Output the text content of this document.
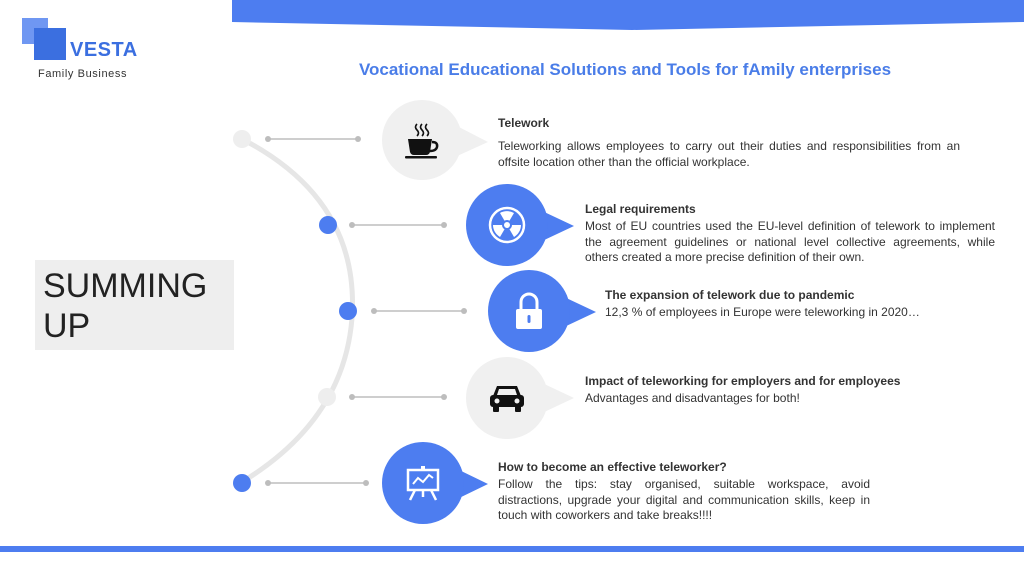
VESTA
Family Business	Vocational Educational Solutions and Tools for fAmily enterprises
SUMMING UP
Telework
Teleworking allows employees to carry out their duties and responsibilities from an offsite location other than the official workplace.
Legal requirements
Most of EU countries used the EU-level definition of telework to implement the agreement guidelines or national level collective agreements, while others created a more precise definition of their own.
The expansion of telework due to pandemic
12,3 % of employees in Europe were teleworking in 2020…
Impact of teleworking for employers and for employees
Advantages and disadvantages for both!
How to become an effective teleworker?
Follow the tips: stay organised, suitable workspace, avoid distractions, upgrade your digital and communication skills, keep in touch with coworkers and take breaks!!!!
